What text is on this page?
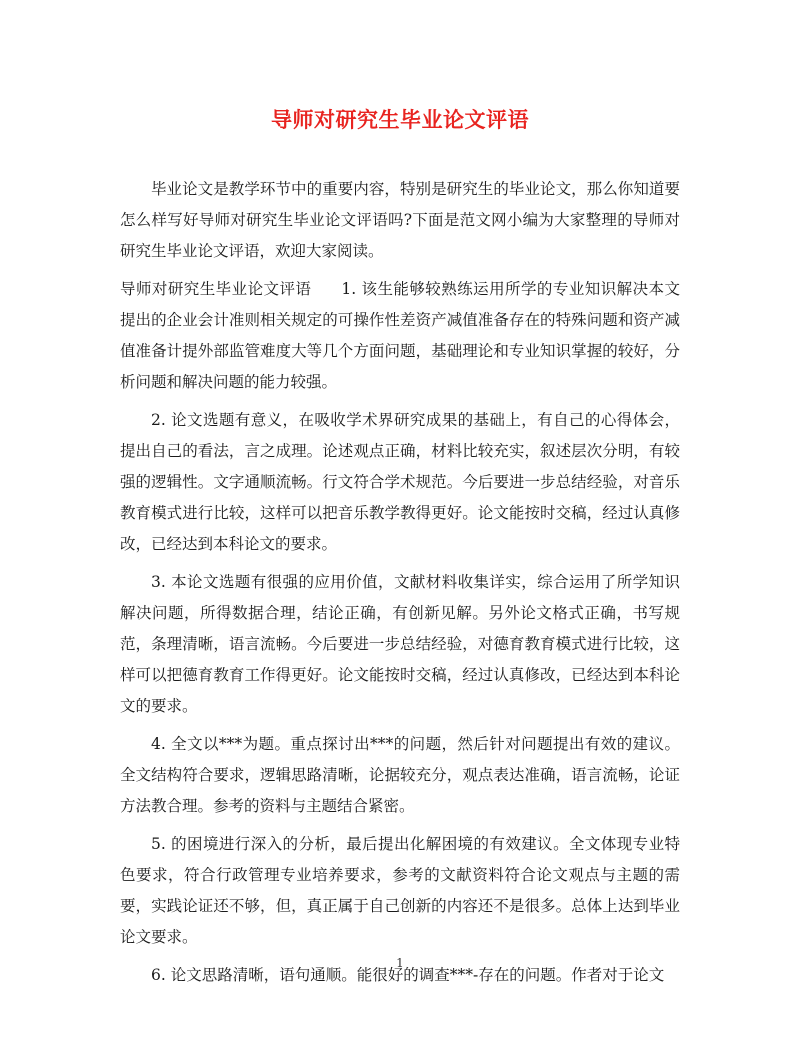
导师对研究生毕业论文评语

毕业论文是教学环节中的重要内容，特别是研究生的毕业论文，那么你知道要怎么样写好导师对研究生毕业论文评语吗?下面是范文网小编为大家整理的导师对研究生毕业论文评语，欢迎大家阅读。

导师对研究生毕业论文评语 1. 该生能够较熟练运用所学的专业知识解决本文提出的企业会计准则相关规定的可操作性差资产减值准备存在的特殊问题和资产减值准备计提外部监管难度大等几个方面问题，基础理论和专业知识掌握的较好，分析问题和解决问题的能力较强。

2. 论文选题有意义，在吸收学术界研究成果的基础上，有自己的心得体会，提出自己的看法，言之成理。论述观点正确，材料比较充实，叙述层次分明，有较强的逻辑性。文字通顺流畅。行文符合学术规范。今后要进一步总结经验，对音乐教育模式进行比较，这样可以把音乐教学教得更好。论文能按时交稿，经过认真修改，已经达到本科论文的要求。

3. 本论文选题有很强的应用价值，文献材料收集详实，综合运用了所学知识解决问题，所得数据合理，结论正确，有创新见解。另外论文格式正确，书写规范，条理清晰，语言流畅。今后要进一步总结经验，对德育教育模式进行比较，这样可以把德育教育工作得更好。论文能按时交稿，经过认真修改，已经达到本科论文的要求。

4. 全文以***为题。重点探讨出***的问题，然后针对问题提出有效的建议。全文结构符合要求，逻辑思路清晰，论据较充分，观点表达准确，语言流畅，论证方法教合理。参考的资料与主题结合紧密。

5. 的困境进行深入的分析，最后提出化解困境的有效建议。全文体现专业特色要求，符合行政管理专业培养要求，参考的文献资料符合论文观点与主题的需要，实践论证还不够，但，真正属于自己创新的内容还不是很多。总体上达到毕业论文要求。

6. 论文思路清晰，语句通顺。能很好的调查***-存在的问题。作者对于论文

1
